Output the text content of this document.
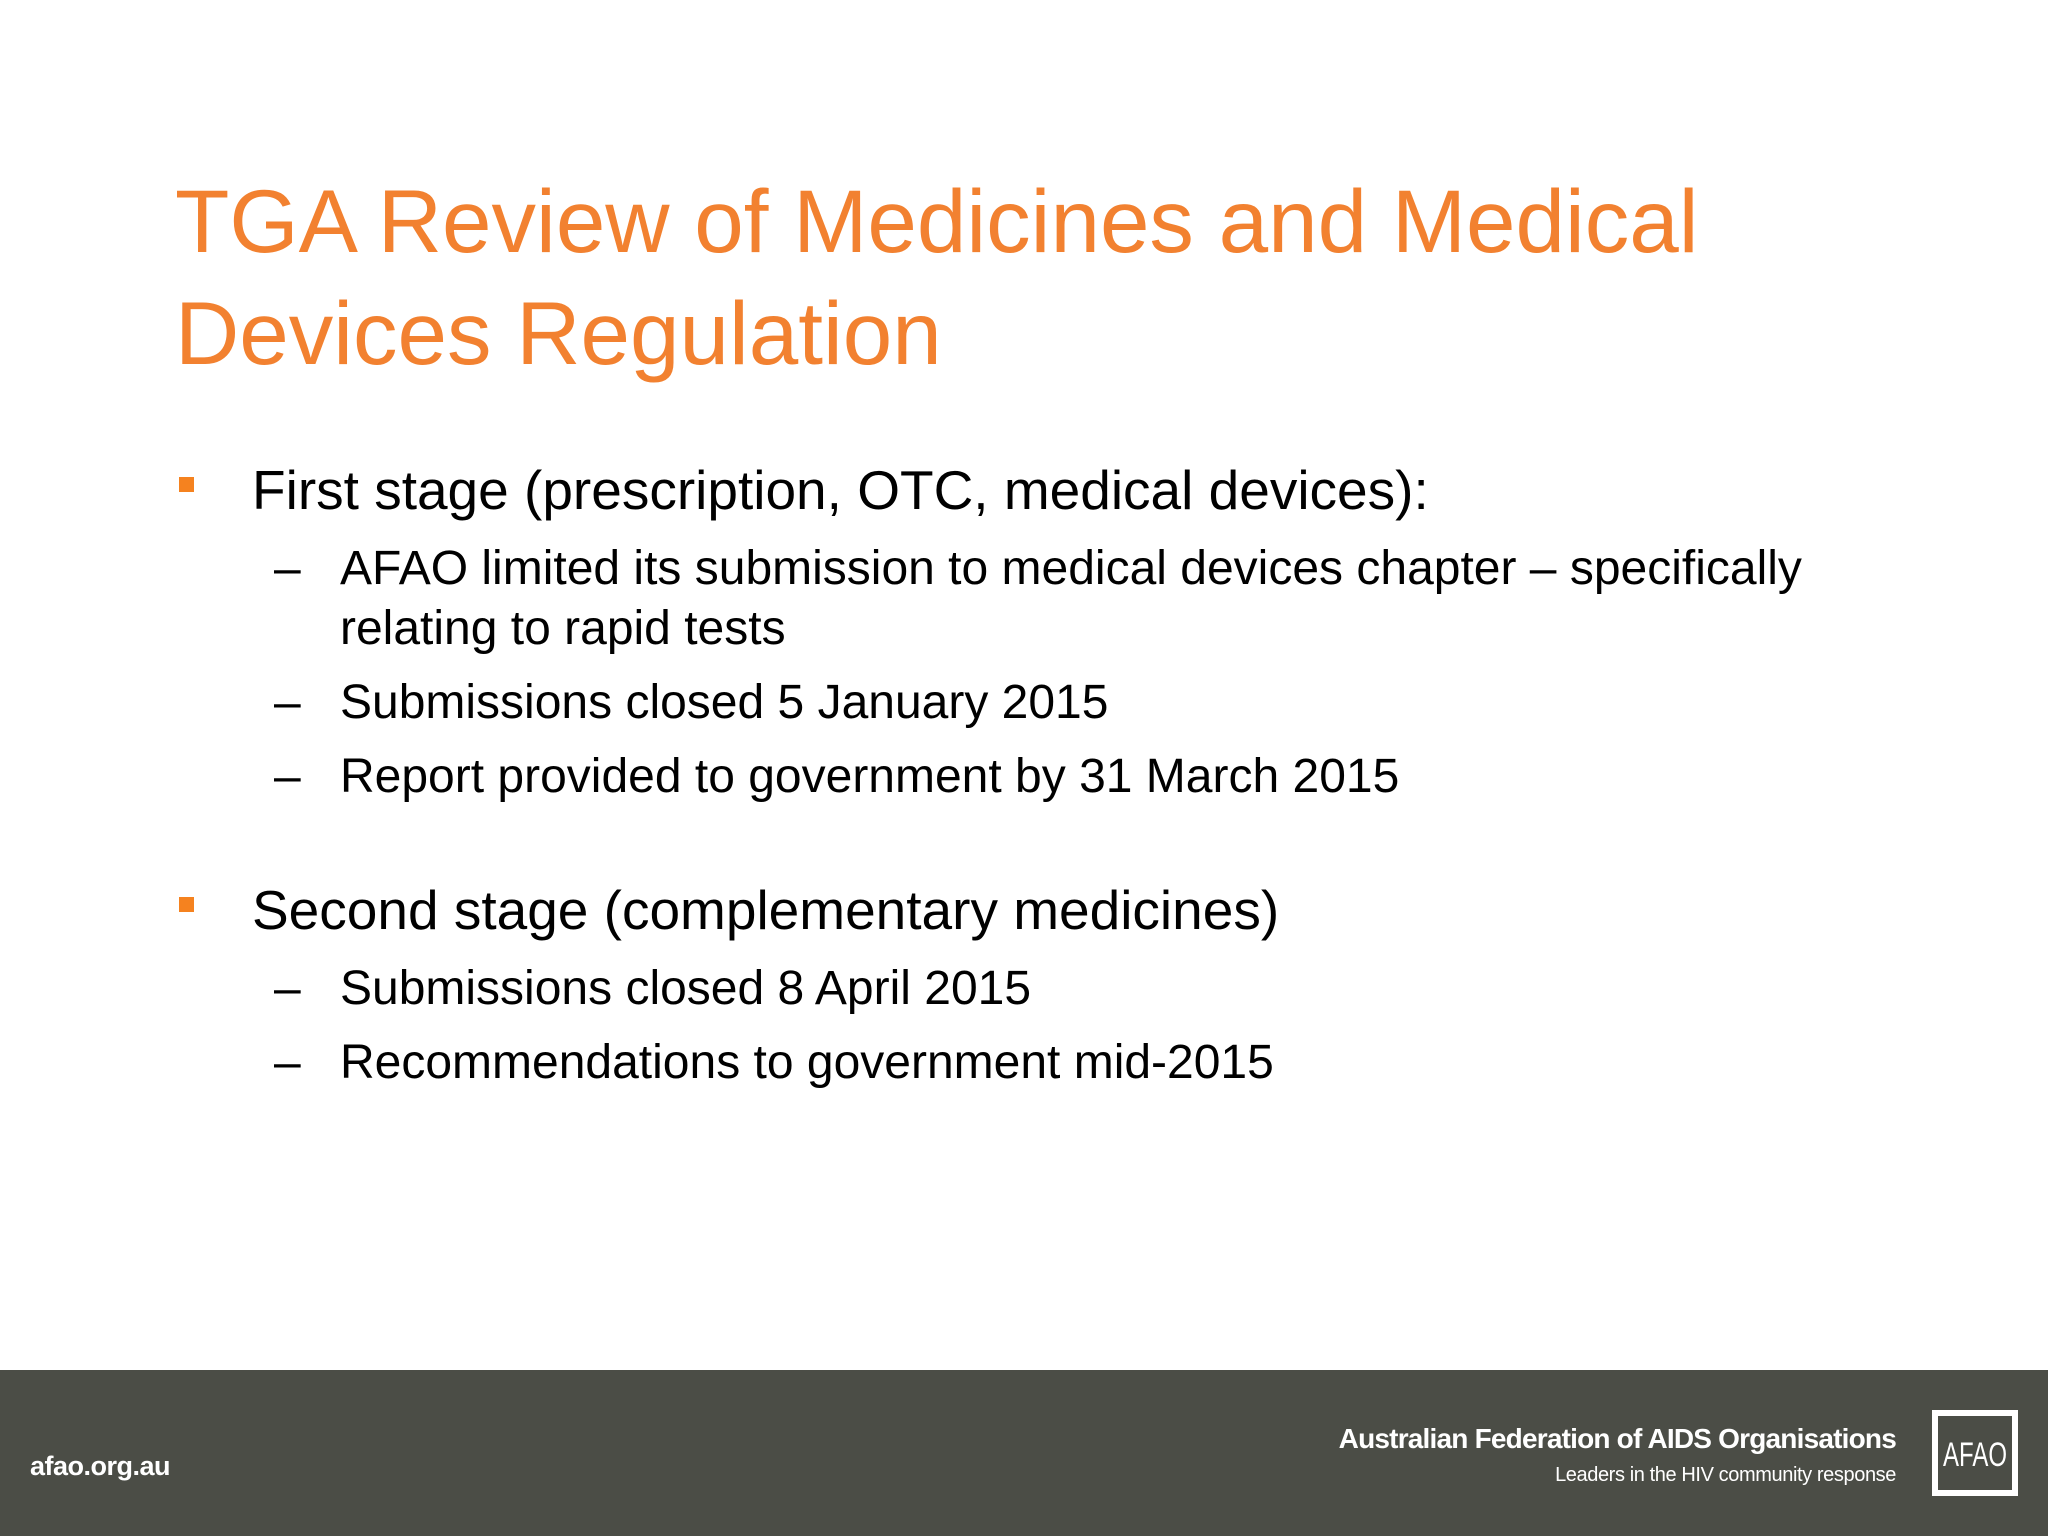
TGA Review of Medicines and Medical Devices Regulation

First stage (prescription, OTC, medical devices):

– AFAO limited its submission to medical devices chapter – specifically relating to rapid tests

– Submissions closed 5 January 2015

– Report provided to government by 31 March 2015

Second stage (complementary medicines)

– Submissions closed 8 April 2015

– Recommendations to government mid-2015

afao.org.au
Australian Federation of AIDS Organisations
Leaders in the HIV community response
AFAO
